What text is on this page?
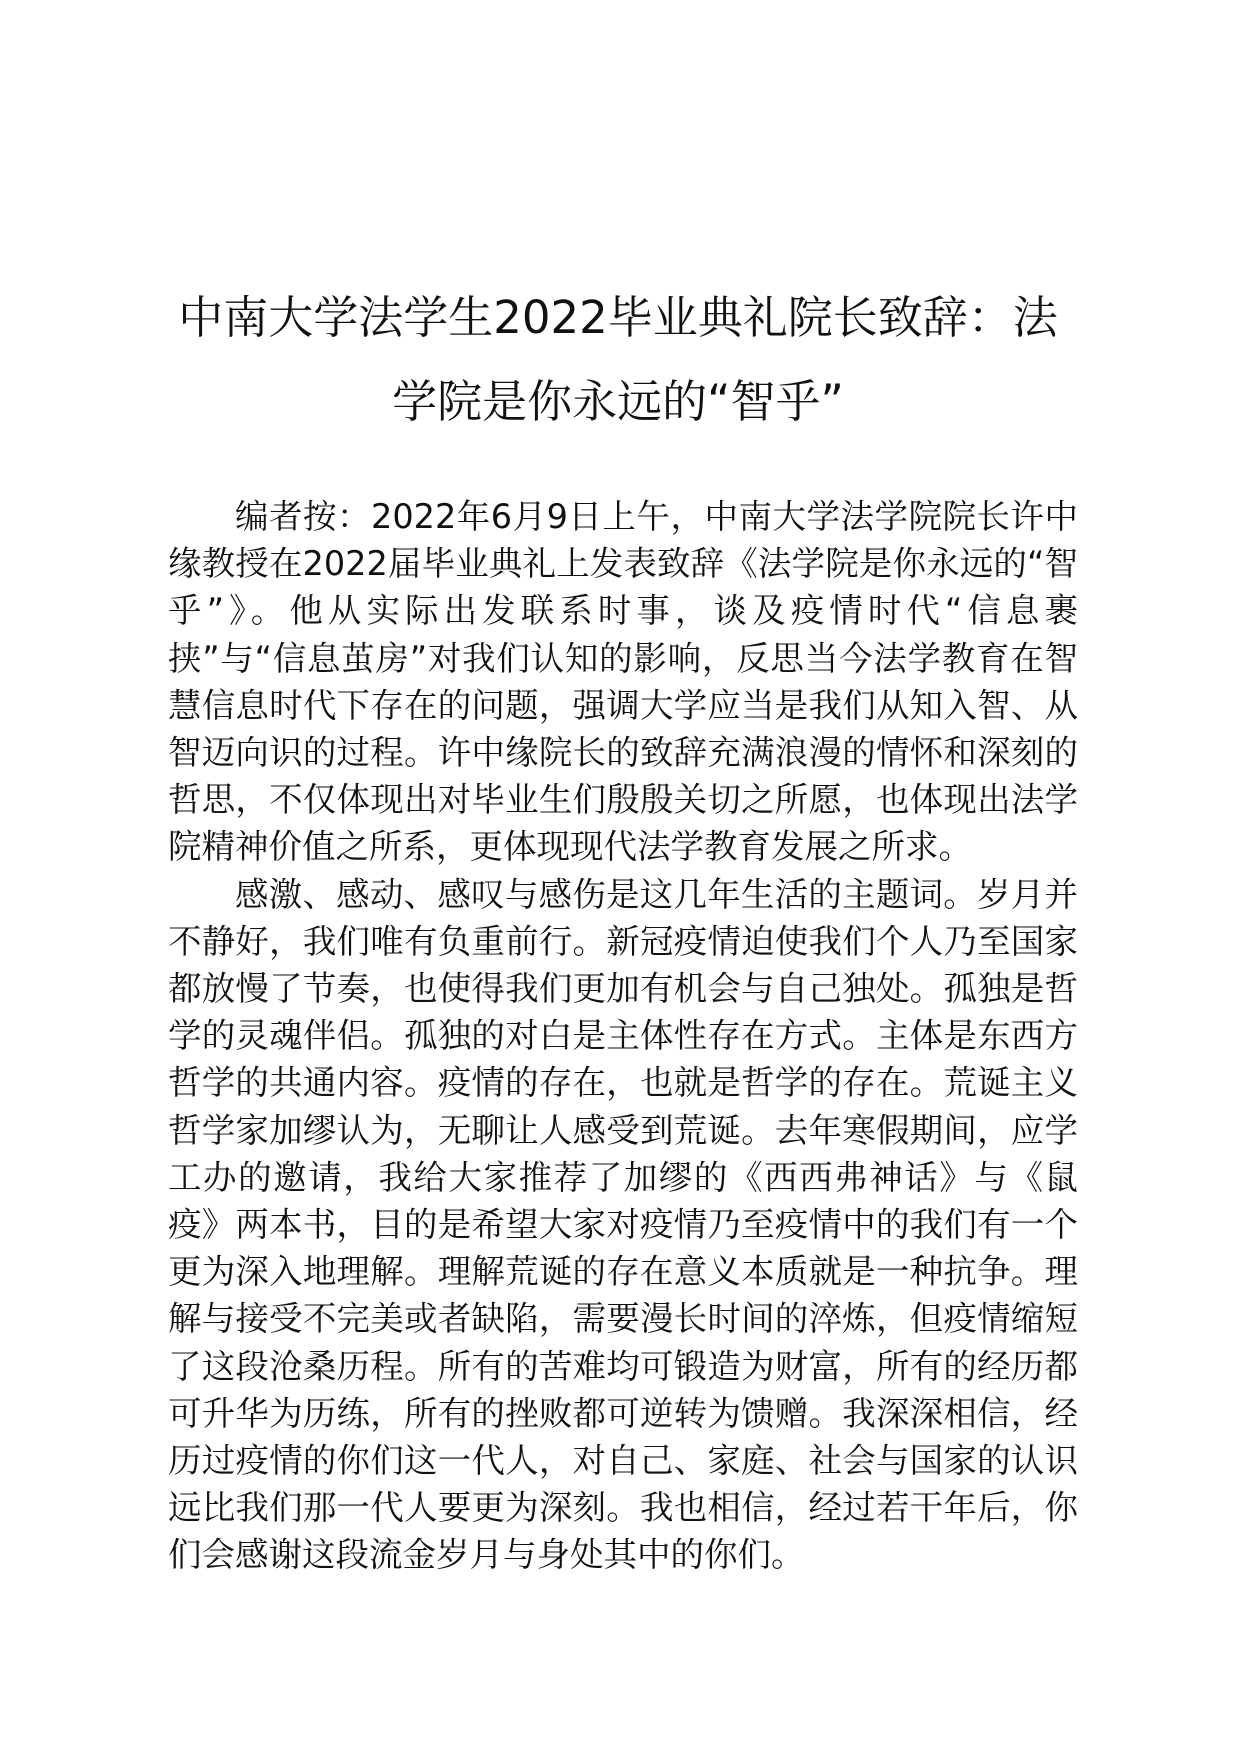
中南大学法学生2022毕业典礼院长致辞：法
学院是你永远的“智乎”

编者按：2022年6月9日上午，中南大学法学院院长许中缘教授在2022届毕业典礼上发表致辞《法学院是你永远的“智乎”》。他从实际出发联系时事，谈及疫情时代“信息裹挟”与“信息茧房”对我们认知的影响，反思当今法学教育在智慧信息时代下存在的问题，强调大学应当是我们从知入智、从智迈向识的过程。许中缘院长的致辞充满浪漫的情怀和深刻的哲思，不仅体现出对毕业生们殷殷关切之所愿，也体现出法学院精神价值之所系，更体现现代法学教育发展之所求。

感激、感动、感叹与感伤是这几年生活的主题词。岁月并不静好，我们唯有负重前行。新冠疫情迫使我们个人乃至国家都放慢了节奏，也使得我们更加有机会与自己独处。孤独是哲学的灵魂伴侣。孤独的对白是主体性存在方式。主体是东西方哲学的共通内容。疫情的存在，也就是哲学的存在。荒诞主义哲学家加缪认为，无聊让人感受到荒诞。去年寒假期间，应学工办的邀请，我给大家推荐了加缪的《西西弗神话》与《鼠疫》两本书，目的是希望大家对疫情乃至疫情中的我们有一个更为深入地理解。理解荒诞的存在意义本质就是一种抗争。理解与接受不完美或者缺陷，需要漫长时间的淬炼，但疫情缩短了这段沧桑历程。所有的苦难均可锻造为财富，所有的经历都可升华为历练，所有的挫败都可逆转为馈赠。我深深相信，经历过疫情的你们这一代人，对自己、家庭、社会与国家的认识远比我们那一代人要更为深刻。我也相信，经过若干年后，你们会感谢这段流金岁月与身处其中的你们。
